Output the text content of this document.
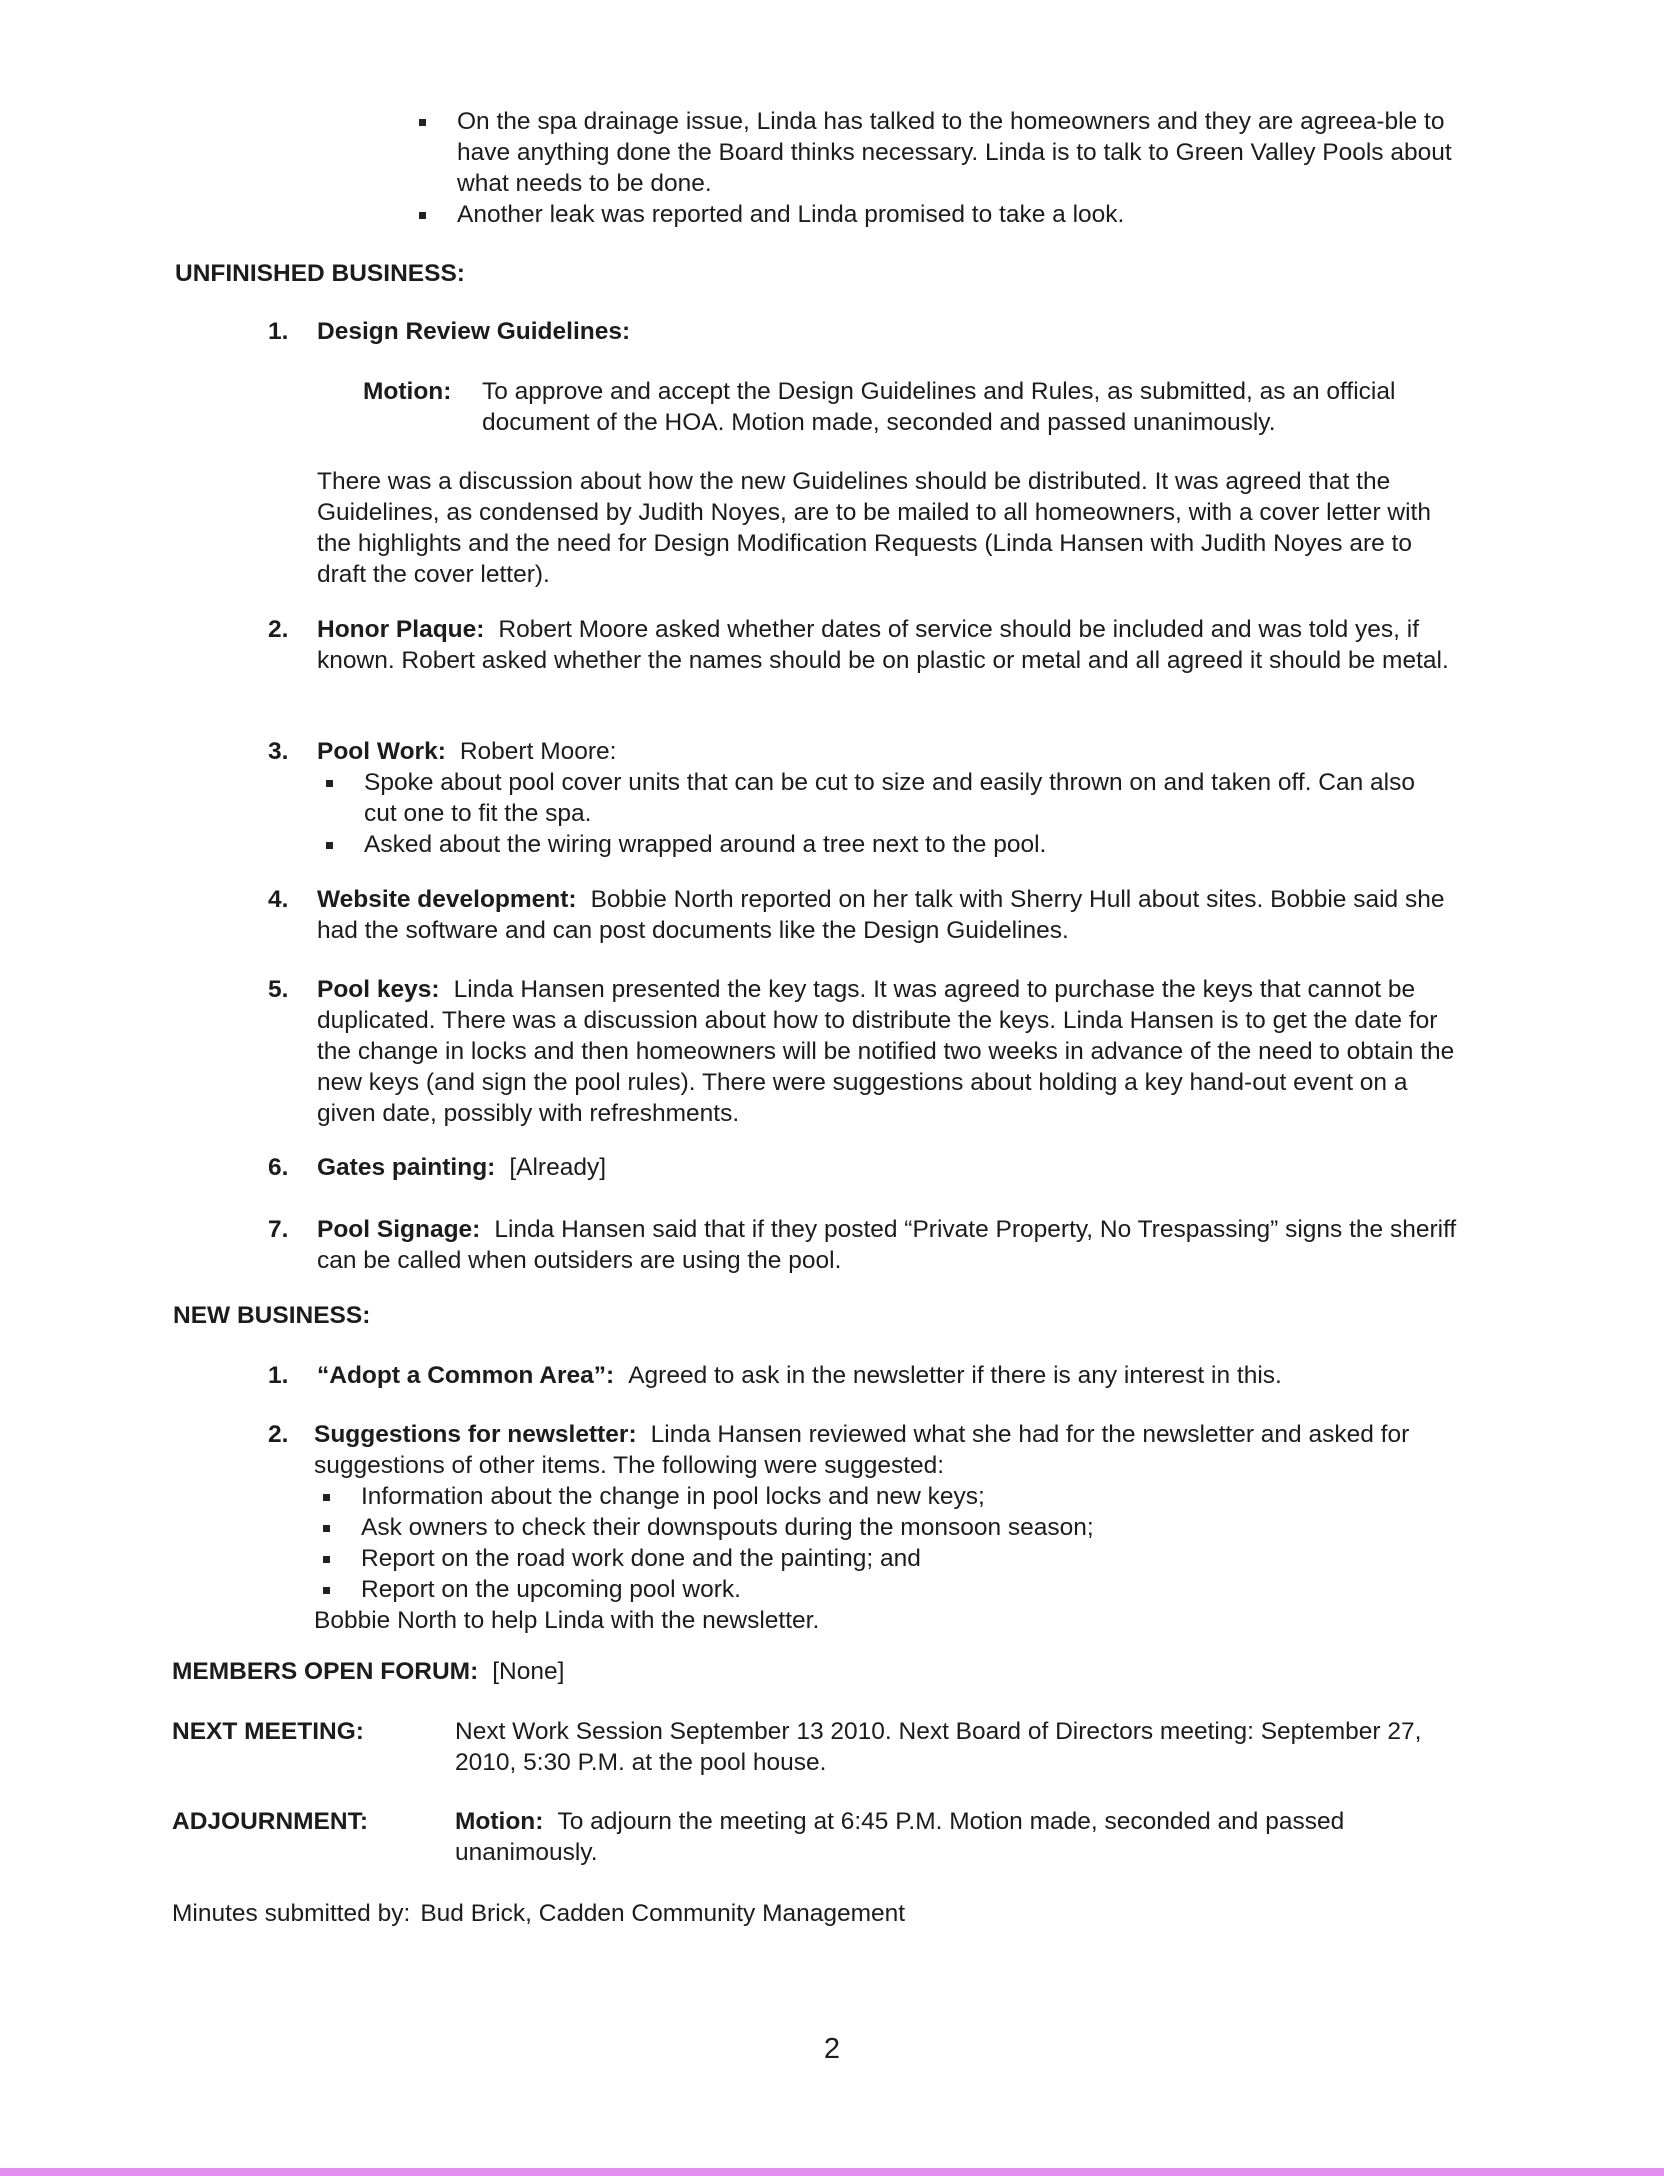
On the spa drainage issue, Linda has talked to the homeowners and they are agreea-ble to have anything done the Board thinks necessary. Linda is to talk to Green Valley Pools about what needs to be done.
Another leak was reported and Linda promised to take a look.
UNFINISHED BUSINESS:
1. Design Review Guidelines:
Motion: To approve and accept the Design Guidelines and Rules, as submitted, as an official document of the HOA. Motion made, seconded and passed unanimously.
There was a discussion about how the new Guidelines should be distributed. It was agreed that the Guidelines, as condensed by Judith Noyes, are to be mailed to all homeowners, with a cover letter with the highlights and the need for Design Modification Requests (Linda Hansen with Judith Noyes are to draft the cover letter).
2. Honor Plaque: Robert Moore asked whether dates of service should be included and was told yes, if known. Robert asked whether the names should be on plastic or metal and all agreed it should be metal.
3. Pool Work: Robert Moore:
Spoke about pool cover units that can be cut to size and easily thrown on and taken off. Can also cut one to fit the spa.
Asked about the wiring wrapped around a tree next to the pool.
4. Website development: Bobbie North reported on her talk with Sherry Hull about sites. Bobbie said she had the software and can post documents like the Design Guidelines.
5. Pool keys: Linda Hansen presented the key tags. It was agreed to purchase the keys that cannot be duplicated. There was a discussion about how to distribute the keys. Linda Hansen is to get the date for the change in locks and then homeowners will be notified two weeks in advance of the need to obtain the new keys (and sign the pool rules). There were suggestions about holding a key hand-out event on a given date, possibly with refreshments.
6. Gates painting: [Already]
7. Pool Signage: Linda Hansen said that if they posted “Private Property, No Trespassing” signs the sheriff can be called when outsiders are using the pool.
NEW BUSINESS:
1. “Adopt a Common Area”: Agreed to ask in the newsletter if there is any interest in this.
2. Suggestions for newsletter: Linda Hansen reviewed what she had for the newsletter and asked for suggestions of other items. The following were suggested:
Information about the change in pool locks and new keys;
Ask owners to check their downspouts during the monsoon season;
Report on the road work done and the painting; and
Report on the upcoming pool work.
Bobbie North to help Linda with the newsletter.
MEMBERS OPEN FORUM: [None]
NEXT MEETING:	Next Work Session September 13 2010. Next Board of Directors meeting: September 27, 2010, 5:30 P.M. at the pool house.
ADJOURNMENT:	Motion: To adjourn the meeting at 6:45 P.M. Motion made, seconded and passed unanimously.
Minutes submitted by: Bud Brick, Cadden Community Management
2
